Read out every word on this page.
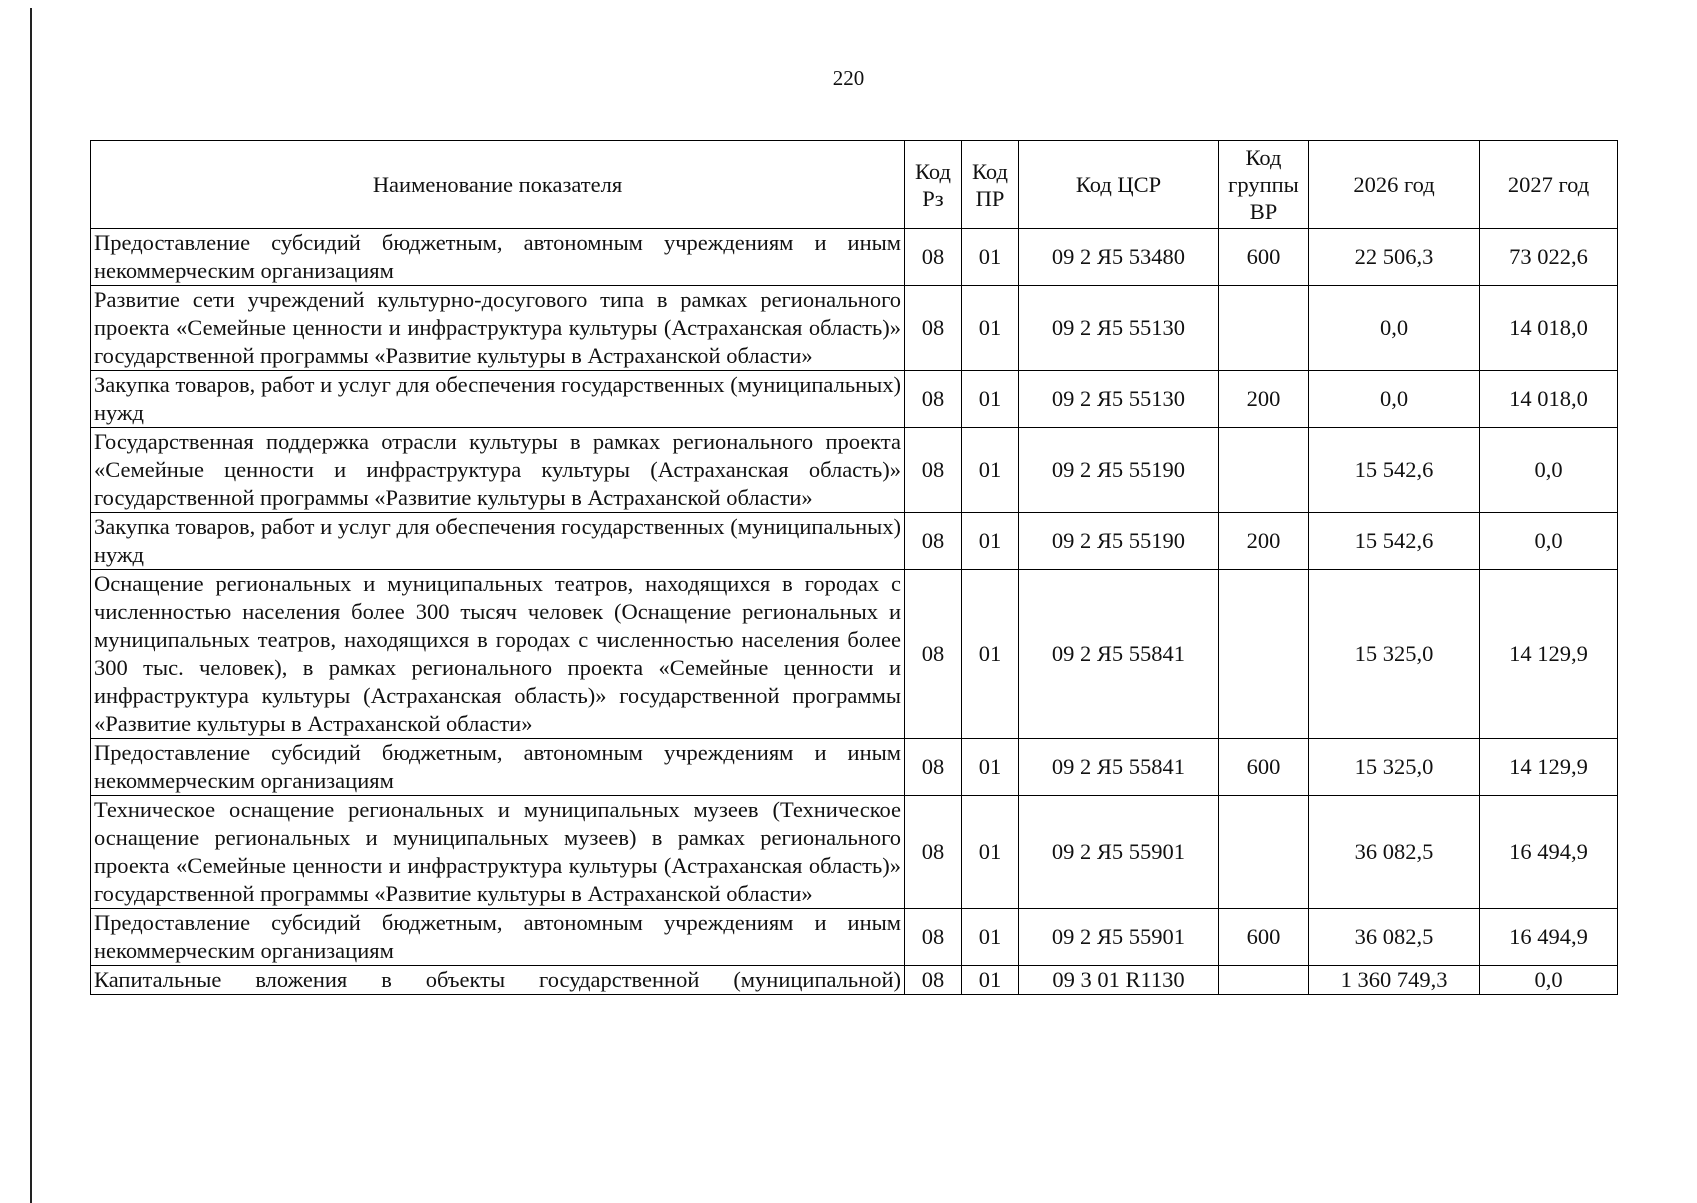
220
Наименование показателя	Код Рз	Код ПР	Код ЦСР	Код группы ВР	2026 год	2027 год
Предоставление субсидий бюджетным, автономным учреждениям и иным некоммерческим организациям	08	01	09 2 Я5 53480	600	22 506,3	73 022,6
Развитие сети учреждений культурно-досугового типа в рамках регионального проекта «Семейные ценности и инфраструктура культуры (Астраханская область)» государственной программы «Развитие культуры в Астраханской области»	08	01	09 2 Я5 55130		0,0	14 018,0
Закупка товаров, работ и услуг для обеспечения государственных (муниципальных) нужд	08	01	09 2 Я5 55130	200	0,0	14 018,0
Государственная поддержка отрасли культуры в рамках регионального проекта «Семейные ценности и инфраструктура культуры (Астраханская область)» государственной программы «Развитие культуры в Астраханской области»	08	01	09 2 Я5 55190		15 542,6	0,0
Закупка товаров, работ и услуг для обеспечения государственных (муниципальных) нужд	08	01	09 2 Я5 55190	200	15 542,6	0,0
Оснащение региональных и муниципальных театров, находящихся в городах с численностью населения более 300 тысяч человек (Оснащение региональных и муниципальных театров, находящихся в городах с численностью населения более 300 тыс. человек), в рамках регионального проекта «Семейные ценности и инфраструктура культуры (Астраханская область)» государственной программы «Развитие культуры в Астраханской области»	08	01	09 2 Я5 55841		15 325,0	14 129,9
Предоставление субсидий бюджетным, автономным учреждениям и иным некоммерческим организациям	08	01	09 2 Я5 55841	600	15 325,0	14 129,9
Техническое оснащение региональных и муниципальных музеев (Техническое оснащение региональных и муниципальных музеев) в рамках регионального проекта «Семейные ценности и инфраструктура культуры (Астраханская область)» государственной программы «Развитие культуры в Астраханской области»	08	01	09 2 Я5 55901		36 082,5	16 494,9
Предоставление субсидий бюджетным, автономным учреждениям и иным некоммерческим организациям	08	01	09 2 Я5 55901	600	36 082,5	16 494,9
Капитальные вложения в объекты государственной (муниципальной)	08	01	09 3 01 R1130		1 360 749,3	0,0
